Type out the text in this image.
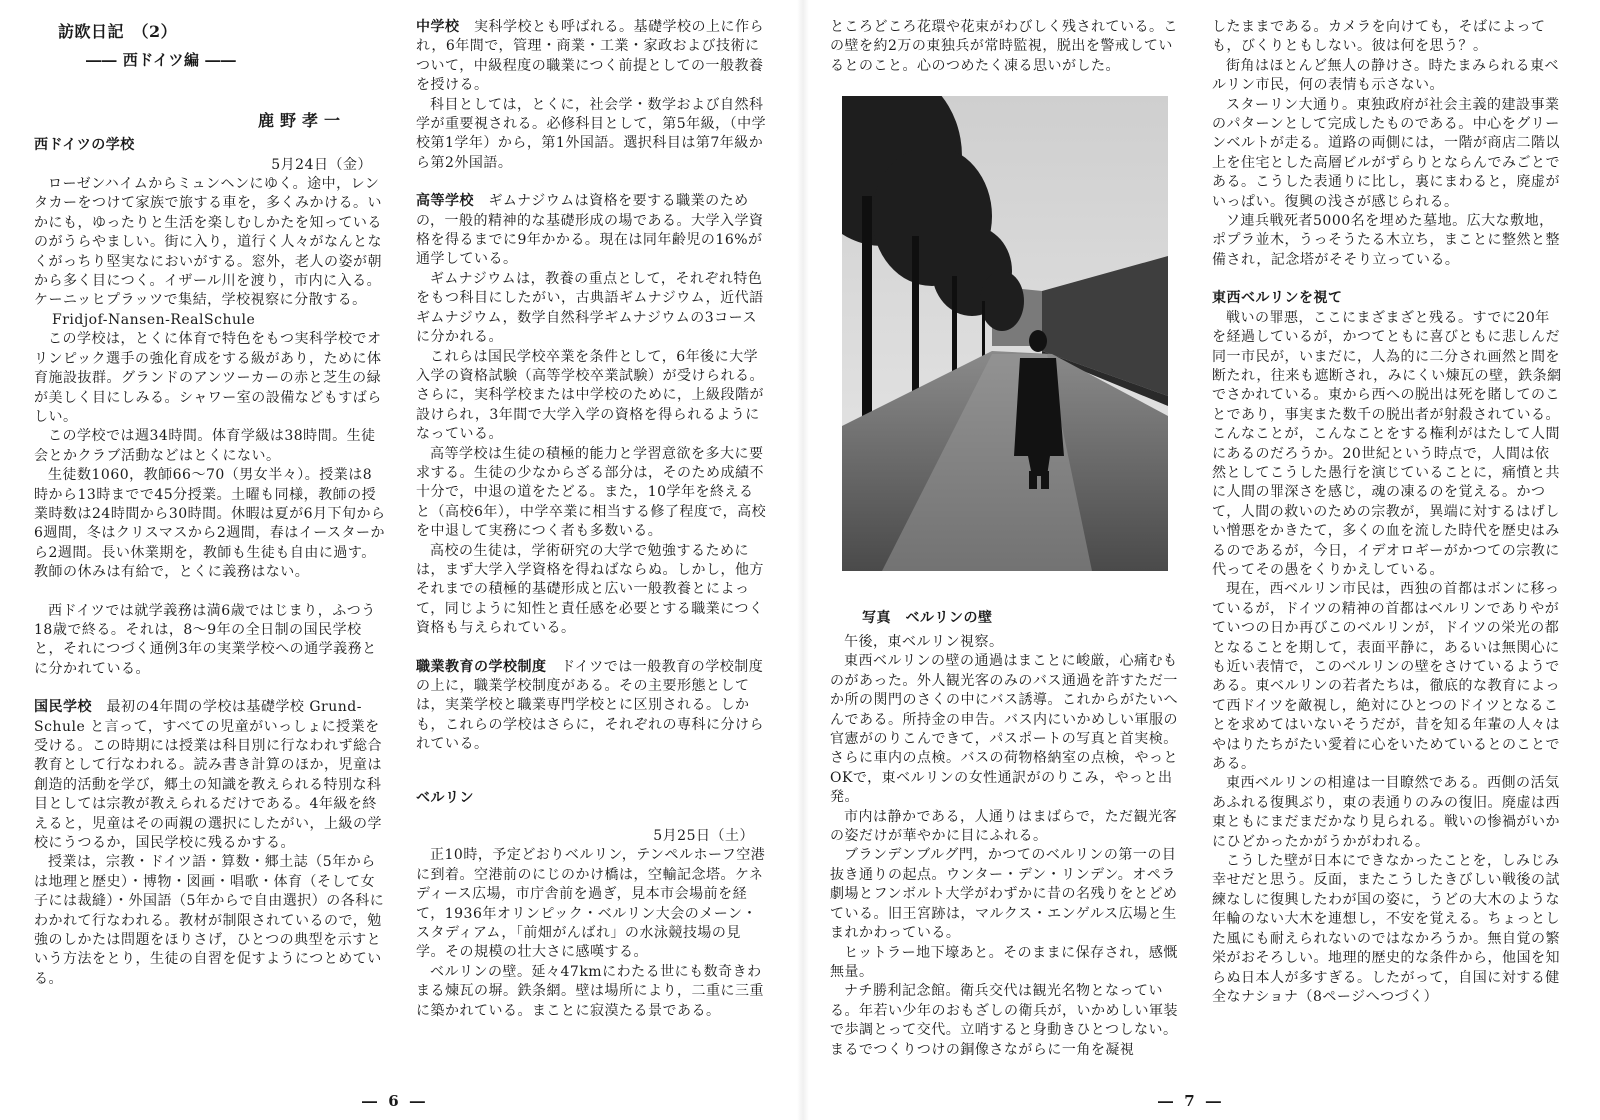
訪欧日記　（2）
―― 西ドイツ編 ――
鹿野孝一

西ドイツの学校

5月24日（金）

ローゼンハイムからミュンヘンにゆく。途中，レンタカーをつけて家族で旅する車を，多くみかける。いかにも，ゆったりと生活を楽しむしかたを知っているのがうらやましい。街に入り，道行く人々がなんとなくがっちり堅実なにおいがする。窓外，老人の姿が朝から多く目につく。イザール川を渡り，市内に入る。ケーニッヒプラッツで集結，学校視察に分散する。

Fridjof-Nansen-RealSchule

この学校は，とくに体育で特色をもつ実科学校でオリンピック選手の強化育成をする級があり，ために体育施設抜群。グランドのアンツーカーの赤と芝生の緑が美しく目にしみる。シャワー室の設備などもすばらしい。

この学校では週34時間。体育学級は38時間。生徒会とかクラブ活動などはとくにない。

生徒数1060，教師66～70（男女半々）。授業は8時から13時までで45分授業。土曜も同様，教師の授業時数は24時間から30時間。休暇は夏が6月下旬から6週間，冬はクリスマスから2週間，春はイースターから2週間。長い休業期を，教師も生徒も自由に過す。教師の休みは有給で，とくに義務はない。

西ドイツでは就学義務は満6歳ではじまり，ふつう18歳で終る。それは，8～9年の全日制の国民学校と，それにつづく通例3年の実業学校への通学義務とに分かれている。

国民学校　 最初の4年間の学校は基礎学校 Grund-Schule と言って，すべての児童がいっしょに授業を受ける。この時期には授業は科目別に行なわれず総合教育として行なわれる。読み書き計算のほか，児童は創造的活動を学び，郷土の知識を教えられる特別な科目としては宗教が教えられるだけである。4年級を終えると，児童はその両親の選択にしたがい，上級の学校にうつるか，国民学校に残るかする。

授業は，宗教・ドイツ語・算数・郷土誌（5年からは地理と歴史）・博物・図画・唱歌・体育（そして女子には裁縫）・外国語（5年からで自由選択）の各科にわかれて行なわれる。教材が制限されているので，勉強のしかたは問題をほりさげ，ひとつの典型を示すという方法をとり，生徒の自習を促すようにつとめている。

中学校　 実科学校とも呼ばれる。基礎学校の上に作られ，6年間で，管理・商業・工業・家政および技術について，中級程度の職業につく前提としての一般教養を授ける。

科目としては，とくに，社会学・数学および自然科学が重要視される。必修科目として，第5年級，（中学校第1学年）から，第1外国語。選択科目は第7年級から第2外国語。

高等学校　 ギムナジウムは資格を要する職業のための，一般的精神的な基礎形成の場である。大学入学資格を得るまでに9年かかる。現在は同年齢児の16%が通学している。

ギムナジウムは，教養の重点として，それぞれ特色をもつ科目にしたがい，古典語ギムナジウム，近代語ギムナジウム，数学自然科学ギムナジウムの3コースに分かれる。

これらは国民学校卒業を条件として，6年後に大学入学の資格試験（高等学校卒業試験）が受けられる。さらに，実科学校または中学校のために，上級段階が設けられ，3年間で大学入学の資格を得られるようになっている。

高等学校は生徒の積極的能力と学習意欲を多大に要求する。生徒の少なからざる部分は，そのため成績不十分で，中退の道をたどる。また，10学年を終えると（高校6年），中学卒業に相当する修了程度で，高校を中退して実務につく者も多数いる。

高校の生徒は，学術研究の大学で勉強するためには，まず大学入学資格を得ねばならぬ。しかし，他方それまでの積極的基礎形成と広い一般教養とによって，同じように知性と責任感を必要とする職業につく資格も与えられている。

職業教育の学校制度　 ドイツでは一般教育の学校制度の上に，職業学校制度がある。その主要形態としては，実業学校と職業専門学校とに区別される。しかも，これらの学校はさらに，それぞれの専科に分けられている。

ベルリン

5月25日（土）

正10時，予定どおりベルリン，テンペルホーフ空港に到着。空港前のにじのかけ橋は，空輸記念塔。ケネディース広場，市庁舎前を過ぎ，見本市会場前を経て，1936年オリンピック・ベルリン大会のメーン・スタディアム，「前畑がんばれ」の水泳競技場の見学。その規模の壮大さに感嘆する。

ベルリンの壁。延々47kmにわたる世にも数奇きわまる煉瓦の塀。鉄条網。壁は場所により，二重に三重に築かれている。まことに寂漠たる景である。

― 6 ―

ところどころ花環や花束がわびしく残されている。この壁を約2万の東独兵が常時監視，脱出を警戒しているとのこと。心のつめたく凍る思いがした。

写真　ベルリンの壁

午後，東ベルリン視察。

東西ベルリンの壁の通過はまことに峻厳，心痛むものがあった。外人観光客のみのバス通過を許すただ一か所の関門のさくの中にバス誘導。これからがたいへんである。所持金の申告。バス内にいかめしい軍服の官憲がのりこんできて，パスポートの写真と首実検。さらに車内の点検。バスの荷物格納室の点検，やっとOKで，東ベルリンの女性通訳がのりこみ，やっと出発。

市内は静かである，人通りはまばらで，ただ観光客の姿だけが華やかに目にふれる。

ブランデンブルグ門，かつてのベルリンの第一の目抜き通りの起点。ウンター・デン・リンデン。オペラ劇場とフンボルト大学がわずかに昔の名残りをとどめている。旧王宮跡は，マルクス・エンゲルス広場と生まれかわっている。

ヒットラー地下壕あと。そのままに保存され，感慨無量。

ナチ勝利記念館。衛兵交代は観光名物となっている。年若い少年のおもざしの衛兵が，いかめしい軍装で歩調とって交代。立哨すると身動きひとつしない。まるでつくりつけの銅像さながらに一角を凝視

したままである。カメラを向けても，そばによっても，びくりともしない。彼は何を思う？。

街角はほとんど無人の静けさ。時たまみられる東ベルリン市民，何の表情も示さない。

スターリン大通り。東独政府が社会主義的建設事業のパターンとして完成したものである。中心をグリーンベルトが走る。道路の両側には，一階が商店二階以上を住宅とした高層ビルがずらりとならんでみごとである。こうした表通りに比し，裏にまわると，廃虚がいっぱい。復興の浅さが感じられる。

ソ連兵戦死者5000名を埋めた墓地。広大な敷地，ポプラ並木，うっそうたる木立ち，まことに整然と整備され，記念塔がそそり立っている。

東西ベルリンを視て

戦いの罪悪，ここにまざまざと残る。すでに20年を経過しているが，かつてともに喜びともに悲しんだ同一市民が，いまだに，人為的に二分され画然と間を断たれ，往来も遮断され，みにくい煉瓦の壁，鉄条網でさかれている。東から西への脱出は死を賭してのことであり，事実また数千の脱出者が射殺されている。こんなことが，こんなことをする権利がはたして人間にあるのだろうか。20世紀という時点で，人間は依然としてこうした愚行を演じていることに，痛憤と共に人間の罪深さを感じ，魂の凍るのを覚える。かつて，人間の救いのための宗教が，異端に対するはげしい憎悪をかきたて，多くの血を流した時代を歴史はみるのであるが，今日，イデオロギーがかつての宗教に代ってその愚をくりかえしている。

現在，西ベルリン市民は，西独の首都はボンに移っているが，ドイツの精神の首都はベルリンでありやがていつの日か再びこのベルリンが，ドイツの栄光の都となることを期して，表面平静に，あるいは無関心にも近い表情で，このベルリンの壁をさけているようである。東ベルリンの若者たちは，徹底的な教育によって西ドイツを敵視し，絶対にひとつのドイツとなることを求めてはいないそうだが，昔を知る年輩の人々はやはりたちがたい愛着に心をいためているとのことである。

東西ベルリンの相違は一目瞭然である。西側の活気あふれる復興ぶり，東の表通りのみの復旧。廃虚は西東ともにまだまだかなり見られる。戦いの惨禍がいかにひどかったかがうかがわれる。

こうした壁が日本にできなかったことを，しみじみ幸せだと思う。反面，またこうしたきびしい戦後の試練なしに復興したわが国の姿に，うどの大木のような年輪のない大木を連想し，不安を覚える。ちょっとした風にも耐えられないのではなかろうか。無自覚の繁栄がおそろしい。地理的歴史的な条件から，他国を知らぬ日本人が多すぎる。したがって，自国に対する健全なナショナ（8ページへつづく）

― 7 ―
